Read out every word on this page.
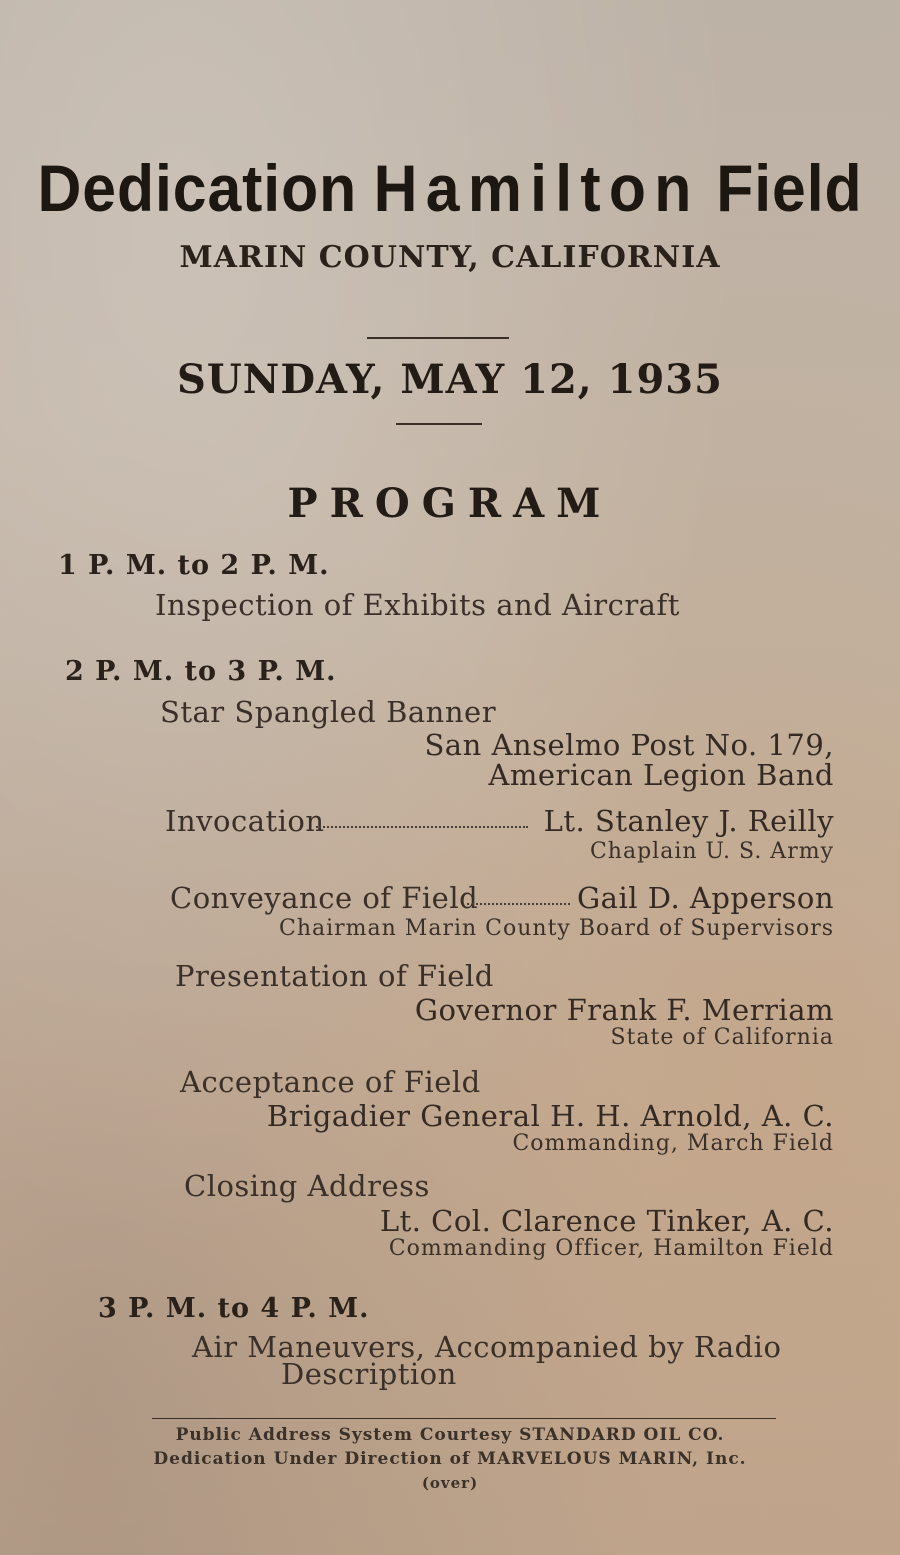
Dedication Hamilton Field
MARIN COUNTY, CALIFORNIA
SUNDAY, MAY 12, 1935
PROGRAM
1 P. M. to 2 P. M.
Inspection of Exhibits and Aircraft
2 P. M. to 3 P. M.
Star Spangled Banner
San Anselmo Post No. 179,
American Legion Band
Invocation	Lt. Stanley J. Reilly
Chaplain U. S. Army
Conveyance of Field	Gail D. Apperson
Chairman Marin County Board of Supervisors
Presentation of Field
Governor Frank F. Merriam
State of California
Acceptance of Field
Brigadier General H. H. Arnold, A. C.
Commanding, March Field
Closing Address
Lt. Col. Clarence Tinker, A. C.
Commanding Officer, Hamilton Field
3 P. M. to 4 P. M.
Air Maneuvers, Accompanied by Radio
Description
Public Address System Courtesy STANDARD OIL CO.
Dedication Under Direction of MARVELOUS MARIN, Inc.
(over)
